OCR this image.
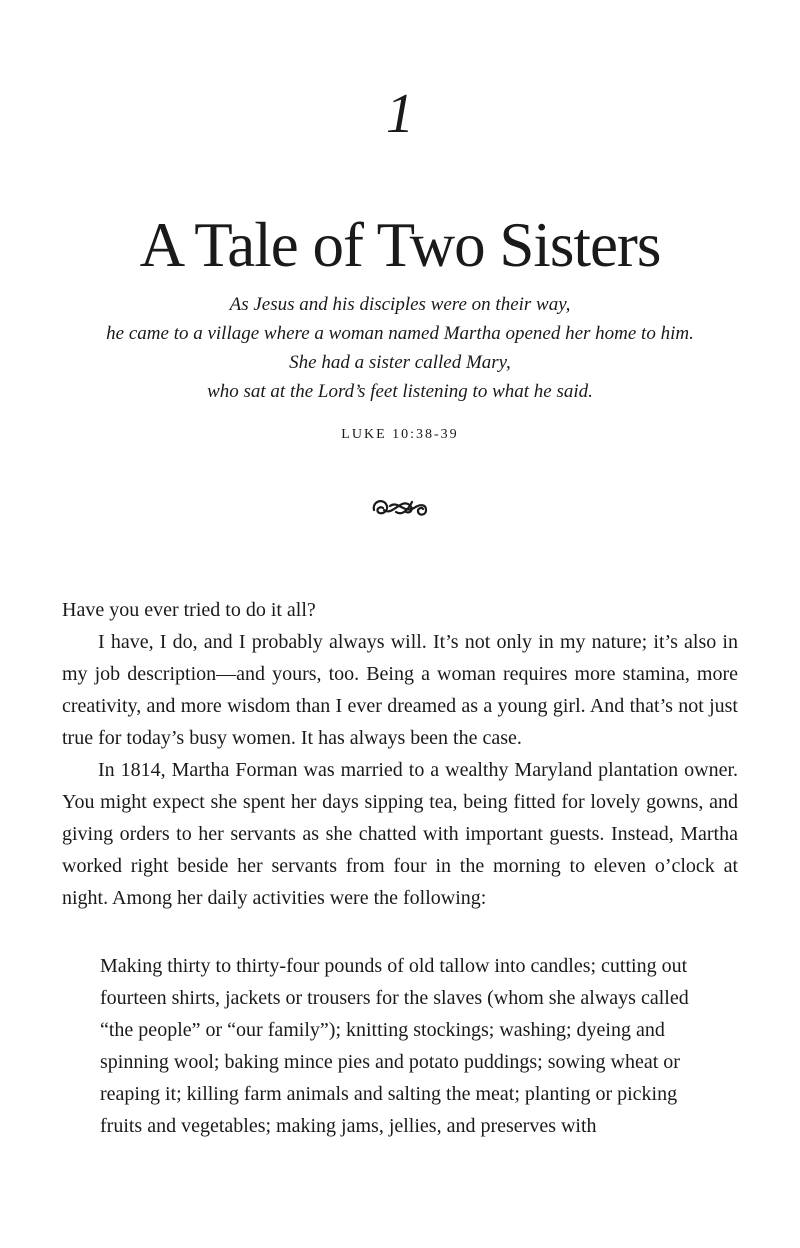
1
A Tale of Two Sisters
As Jesus and his disciples were on their way,
he came to a village where a woman named Martha opened her home to him.
She had a sister called Mary,
who sat at the Lord’s feet listening to what he said.
LUKE 10:38-39

Have you ever tried to do it all?

I have, I do, and I probably always will. It’s not only in my nature; it’s also in my job description—and yours, too. Being a woman requires more stamina, more creativity, and more wisdom than I ever dreamed as a young girl. And that’s not just true for today’s busy women. It has always been the case.

In 1814, Martha Forman was married to a wealthy Maryland plantation owner. You might expect she spent her days sipping tea, being fitted for lovely gowns, and giving orders to her servants as she chatted with important guests. Instead, Martha worked right beside her servants from four in the morning to eleven o’clock at night. Among her daily activities were the following:

Making thirty to thirty-four pounds of old tallow into candles; cutting out fourteen shirts, jackets or trousers for the slaves (whom she always called “the people” or “our family”); knitting stockings; washing; dyeing and spinning wool; baking mince pies and potato puddings; sowing wheat or reaping it; killing farm animals and salting the meat; planting or picking fruits and vegetables; making jams, jellies, and preserves with
